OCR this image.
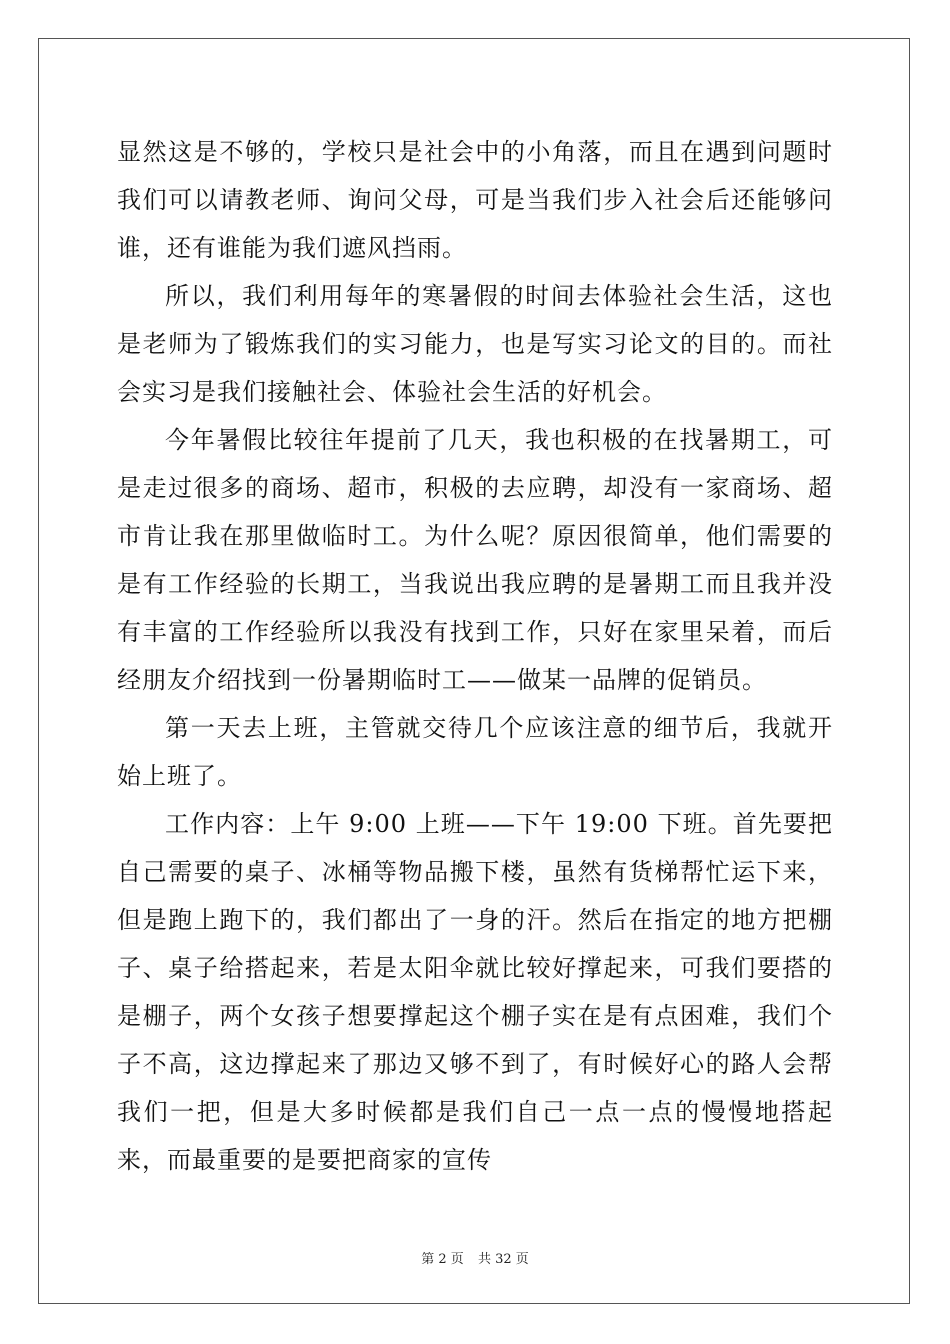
显然这是不够的，学校只是社会中的小角落，而且在遇到问题时我们可以请教老师、询问父母，可是当我们步入社会后还能够问谁，还有谁能为我们遮风挡雨。

所以，我们利用每年的寒暑假的时间去体验社会生活，这也是老师为了锻炼我们的实习能力，也是写实习论文的目的。而社会实习是我们接触社会、体验社会生活的好机会。

今年暑假比较往年提前了几天，我也积极的在找暑期工，可是走过很多的商场、超市，积极的去应聘，却没有一家商场、超市肯让我在那里做临时工。为什么呢？原因很简单，他们需要的是有工作经验的长期工，当我说出我应聘的是暑期工而且我并没有丰富的工作经验所以我没有找到工作，只好在家里呆着，而后经朋友介绍找到一份暑期临时工——做某一品牌的促销员。

第一天去上班，主管就交待几个应该注意的细节后，我就开始上班了。

工作内容：上午 9:00 上班——下午 19:00 下班。首先要把自己需要的桌子、冰桶等物品搬下楼，虽然有货梯帮忙运下来，但是跑上跑下的，我们都出了一身的汗。然后在指定的地方把棚子、桌子给搭起来，若是太阳伞就比较好撑起来，可我们要搭的是棚子，两个女孩子想要撑起这个棚子实在是有点困难，我们个子不高，这边撑起来了那边又够不到了，有时候好心的路人会帮我们一把，但是大多时候都是我们自己一点一点的慢慢地搭起来，而最重要的是要把商家的宣传

第 2 页 共 32 页
